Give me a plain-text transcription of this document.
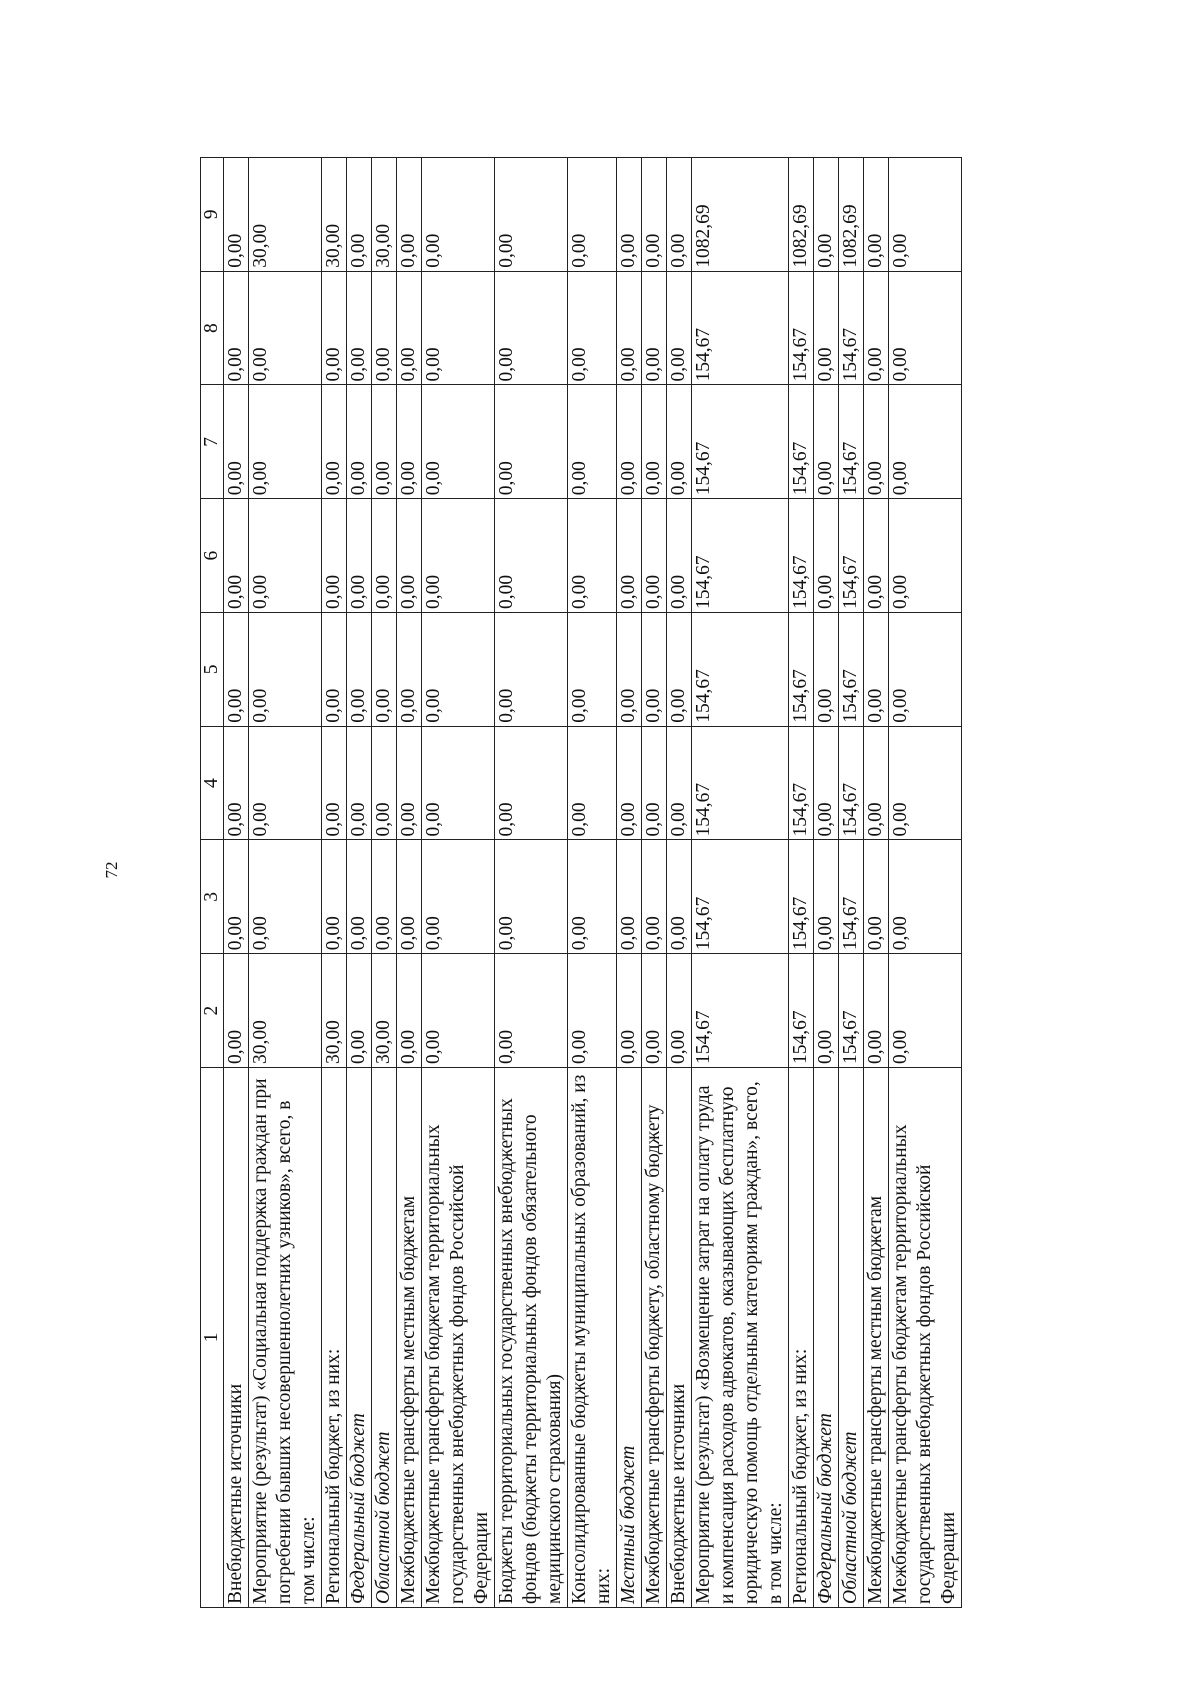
72
1	2	3	4	5	6	7	8	9
Внебюджетные источники	0,00	0,00	0,00	0,00	0,00	0,00	0,00	0,00
Мероприятие (результат) «Социальная поддержка граждан при погребении бывших несовершеннолетних узников», всего, в том числе:	30,00	0,00	0,00	0,00	0,00	0,00	0,00	30,00
Региональный бюджет, из них:	30,00	0,00	0,00	0,00	0,00	0,00	0,00	30,00
Федеральный бюджет	0,00	0,00	0,00	0,00	0,00	0,00	0,00	0,00
Областной бюджет	30,00	0,00	0,00	0,00	0,00	0,00	0,00	30,00
Межбюджетные трансферты местным бюджетам	0,00	0,00	0,00	0,00	0,00	0,00	0,00	0,00
Межбюджетные трансферты бюджетам территориальных государственных внебюджетных фондов Российской Федерации	0,00	0,00	0,00	0,00	0,00	0,00	0,00	0,00
Бюджеты территориальных государственных внебюджетных фондов (бюджеты территориальных фондов обязательного медицинского страхования)	0,00	0,00	0,00	0,00	0,00	0,00	0,00	0,00
Консолидированные бюджеты муниципальных образований, из них:	0,00	0,00	0,00	0,00	0,00	0,00	0,00	0,00
Местный бюджет	0,00	0,00	0,00	0,00	0,00	0,00	0,00	0,00
Межбюджетные трансферты бюджету, областному бюджету	0,00	0,00	0,00	0,00	0,00	0,00	0,00	0,00
Внебюджетные источники	0,00	0,00	0,00	0,00	0,00	0,00	0,00	0,00
Мероприятие (результат) «Возмещение затрат на оплату труда и компенсация расходов адвокатов, оказывающих бесплатную юридическую помощь отдельным категориям граждан», всего, в том числе:	154,67	154,67	154,67	154,67	154,67	154,67	154,67	1082,69
Региональный бюджет, из них:	154,67	154,67	154,67	154,67	154,67	154,67	154,67	1082,69
Федеральный бюджет	0,00	0,00	0,00	0,00	0,00	0,00	0,00	0,00
Областной бюджет	154,67	154,67	154,67	154,67	154,67	154,67	154,67	1082,69
Межбюджетные трансферты местным бюджетам	0,00	0,00	0,00	0,00	0,00	0,00	0,00	0,00
Межбюджетные трансферты бюджетам территориальных государственных внебюджетных фондов Российской Федерации	0,00	0,00	0,00	0,00	0,00	0,00	0,00	0,00
